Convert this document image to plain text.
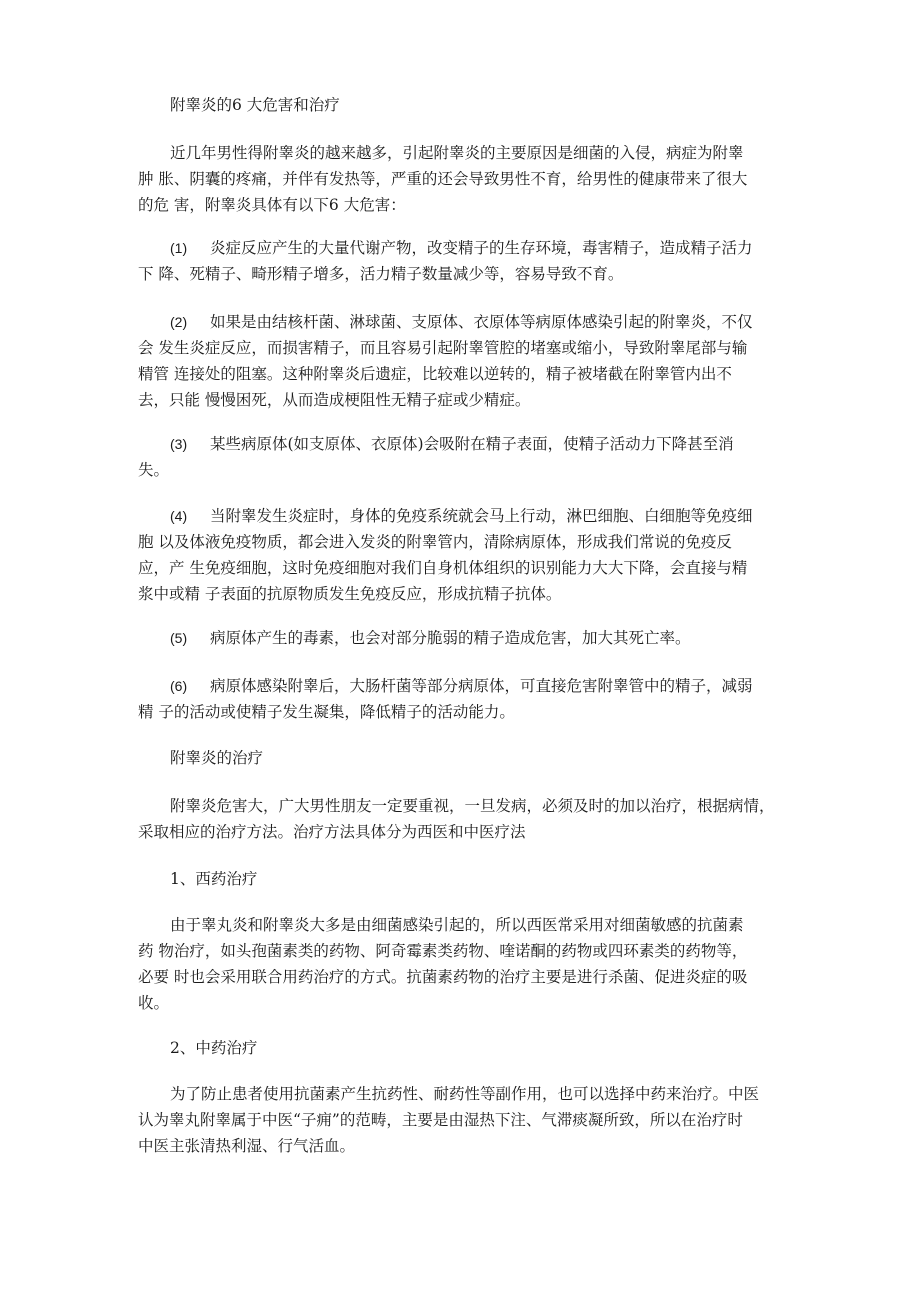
附睾炎的6 大危害和治疗

近几年男性得附睾炎的越来越多，引起附睾炎的主要原因是细菌的入侵，病症为附睾
肿 胀、阴囊的疼痛，并伴有发热等，严重的还会导致男性不育，给男性的健康带来了很大
的危 害，附睾炎具体有以下6 大危害：

(1) 炎症反应产生的大量代谢产物，改变精子的生存环境，毒害精子，造成精子活力
下 降、死精子、畸形精子增多，活力精子数量减少等，容易导致不育。

(2) 如果是由结核杆菌、淋球菌、支原体、衣原体等病原体感染引起的附睾炎，不仅
会 发生炎症反应，而损害精子，而且容易引起附睾管腔的堵塞或缩小，导致附睾尾部与输
精管 连接处的阻塞。这种附睾炎后遗症，比较难以逆转的，精子被堵截在附睾管内出不
去，只能 慢慢困死，从而造成梗阻性无精子症或少精症。

(3) 某些病原体(如支原体、衣原体)会吸附在精子表面，使精子活动力下降甚至消
失。

(4) 当附睾发生炎症时，身体的免疫系统就会马上行动，淋巴细胞、白细胞等免疫细
胞 以及体液免疫物质，都会进入发炎的附睾管内，清除病原体，形成我们常说的免疫反
应，产 生免疫细胞，这时免疫细胞对我们自身机体组织的识别能力大大下降，会直接与精
浆中或精 子表面的抗原物质发生免疫反应，形成抗精子抗体。

(5) 病原体产生的毒素，也会对部分脆弱的精子造成危害，加大其死亡率。

(6) 病原体感染附睾后，大肠杆菌等部分病原体，可直接危害附睾管中的精子，减弱
精 子的活动或使精子发生凝集，降低精子的活动能力。

附睾炎的治疗

附睾炎危害大，广大男性朋友一定要重视，一旦发病，必须及时的加以治疗，根据病情，
采取相应的治疗方法。治疗方法具体分为西医和中医疗法

1、西药治疗

由于睾丸炎和附睾炎大多是由细菌感染引起的，所以西医常采用对细菌敏感的抗菌素
药 物治疗，如头孢菌素类的药物、阿奇霉素类药物、喹诺酮的药物或四环素类的药物等，
必要 时也会采用联合用药治疗的方式。抗菌素药物的治疗主要是进行杀菌、促进炎症的吸
收。

2、中药治疗

为了防止患者使用抗菌素产生抗药性、耐药性等副作用，也可以选择中药来治疗。中医
认为睾丸附睾属于中医“子痈”的范畴，主要是由湿热下注、气滞痰凝所致，所以在治疗时
中医主张清热利湿、行气活血。
